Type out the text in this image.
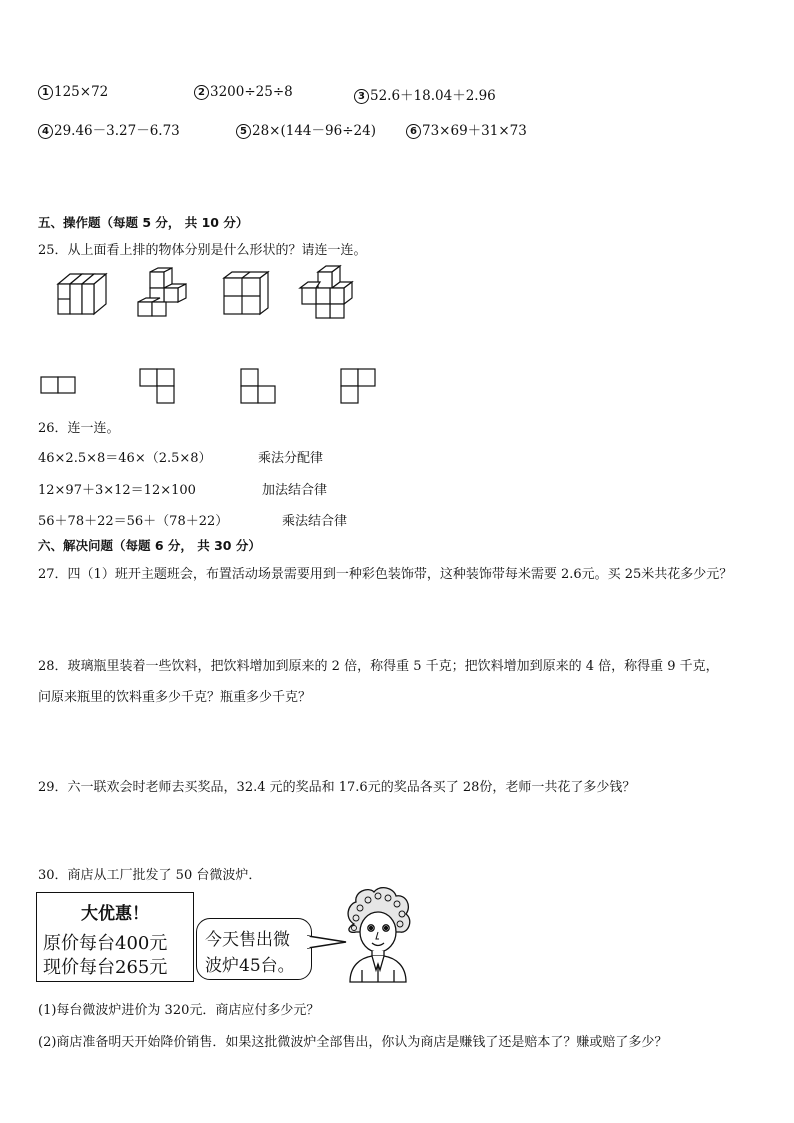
1 125×72	2 3200÷25÷8	3 52.6＋18.04＋2.96
4 29.46－3.27－6.73	5 28×(144－96÷24)	6 73×69＋31×73
五、操作题（每题 5 分， 共 10 分）
25．从上面看上排的物体分别是什么形状的？请连一连。
26．连一连。
46×2.5×8＝46×（2.5×8）
12×97＋3×12＝12×100
56＋78＋22＝56＋（78＋22）
乘法分配律
加法结合律
乘法结合律
六、解决问题（每题 6 分， 共 30 分）
27．四（1）班开主题班会，布置活动场景需要用到一种彩色装饰带，这种装饰带每米需要 2.6元。买 25米共花多少元？
28．玻璃瓶里装着一些饮料，把饮料增加到原来的 2 倍，称得重 5 千克；把饮料增加到原来的 4 倍，称得重 9 千克，
问原来瓶里的饮料重多少千克？瓶重多少千克？
29．六一联欢会时老师去买奖品，32.4 元的奖品和 17.6元的奖品各买了 28份，老师一共花了多少钱？
30．商店从工厂批发了 50 台微波炉．
大优惠！
原价每台400元
现价每台265元
今天售出微
波炉45台。
(1)每台微波炉进价为 320元．商店应付多少元？
(2)商店准备明天开始降价销售．如果这批微波炉全部售出，你认为商店是赚钱了还是赔本了？赚或赔了多少？
